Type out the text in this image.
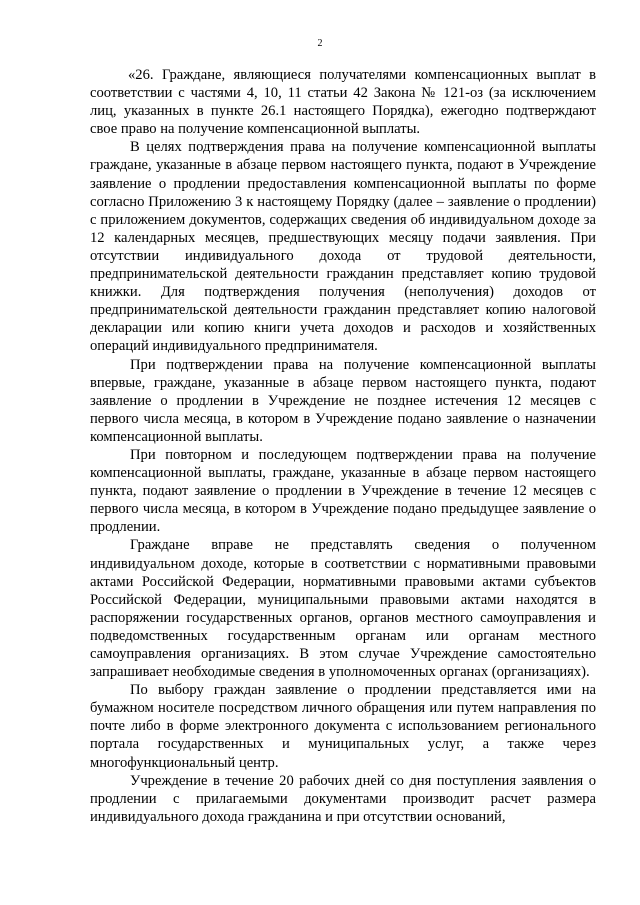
2

«26. Граждане, являющиеся получателями компенсационных выплат в соответствии с частями 4, 10, 11 статьи 42 Закона № 121-оз (за исключением лиц, указанных в пункте 26.1 настоящего Порядка), ежегодно подтверждают свое право на получение компенсационной выплаты.

В целях подтверждения права на получение компенсационной выплаты граждане, указанные в абзаце первом настоящего пункта, подают в Учреждение заявление о продлении предоставления компенсационной выплаты по форме согласно Приложению 3 к настоящему Порядку (далее – заявление о продлении) с приложением документов, содержащих сведения об индивидуальном доходе за 12 календарных месяцев, предшествующих месяцу подачи заявления. При отсутствии индивидуального дохода от трудовой деятельности, предпринимательской деятельности гражданин представляет копию трудовой книжки. Для подтверждения получения (неполучения) доходов от предпринимательской деятельности гражданин представляет копию налоговой декларации или копию книги учета доходов и расходов и хозяйственных операций индивидуального предпринимателя.

При подтверждении права на получение компенсационной выплаты впервые, граждане, указанные в абзаце первом настоящего пункта, подают заявление о продлении в Учреждение не позднее истечения 12 месяцев с первого числа месяца, в котором в Учреждение подано заявление о назначении компенсационной выплаты.

При повторном и последующем подтверждении права на получение компенсационной выплаты, граждане, указанные в абзаце первом настоящего пункта, подают заявление о продлении в Учреждение в течение 12 месяцев с первого числа месяца, в котором в Учреждение подано предыдущее заявление о продлении.

Граждане вправе не представлять сведения о полученном индивидуальном доходе, которые в соответствии с нормативными правовыми актами Российской Федерации, нормативными правовыми актами субъектов Российской Федерации, муниципальными правовыми актами находятся в распоряжении государственных органов, органов местного самоуправления и подведомственных государственным органам или органам местного самоуправления организациях. В этом случае Учреждение самостоятельно запрашивает необходимые сведения в уполномоченных органах (организациях).

По выбору граждан заявление о продлении представляется ими на бумажном носителе посредством личного обращения или путем направления по почте либо в форме электронного документа с использованием регионального портала государственных и муниципальных услуг, а также через многофункциональный центр.

Учреждение в течение 20 рабочих дней со дня поступления заявления о продлении с прилагаемыми документами производит расчет размера индивидуального дохода гражданина и при отсутствии оснований,
